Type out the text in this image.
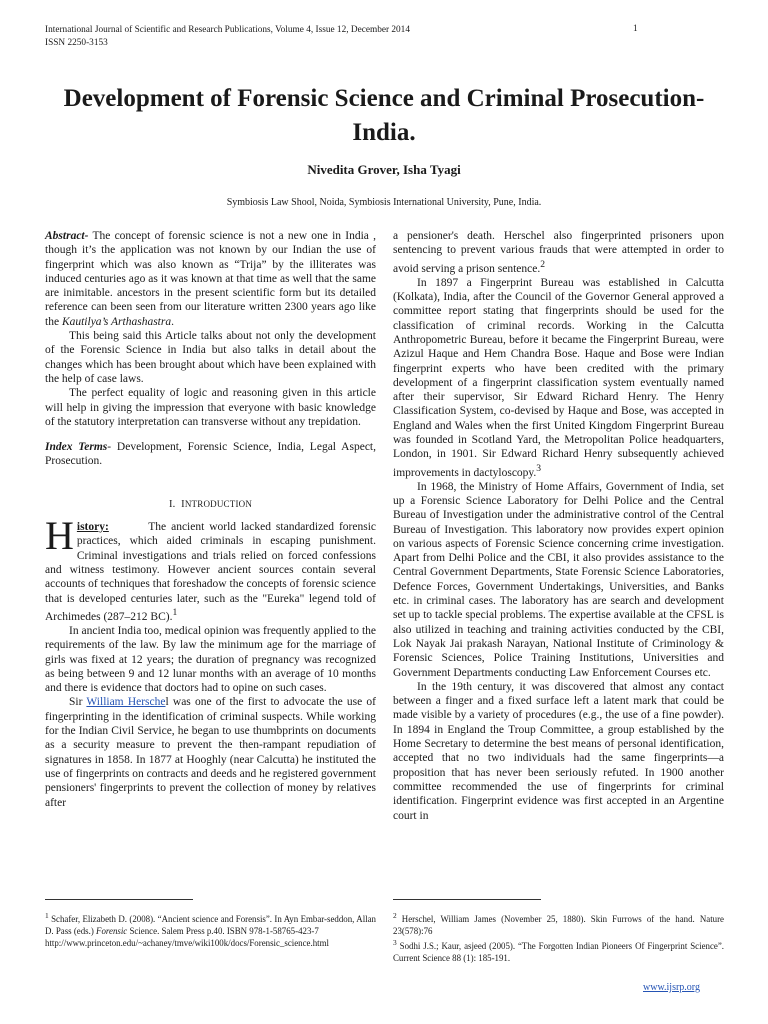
International Journal of Scientific and Research Publications, Volume 4, Issue 12, December 2014
ISSN 2250-3153
1
Development of Forensic Science and Criminal Prosecution-India.
Nivedita Grover, Isha Tyagi
Symbiosis Law Shool, Noida, Symbiosis International University, Pune, India.

Abstract- The concept of forensic science is not a new one in India , though it’s the application was not known by our Indian the use of fingerprint which was also known as “Trija” by the illiterates was induced centuries ago as it was known at that time as well that the same are inimitable. ancestors in the present scientific form but its detailed reference can been seen from our literature written 2300 years ago like the Kautilya’s Arthashastra.

This being said this Article talks about not only the development of the Forensic Science in India but also talks in detail about the changes which has been brought about which have been explained with the help of case laws.

The perfect equality of logic and reasoning given in this article will help in giving the impression that everyone with basic knowledge of the statutory interpretation can transverse without any trepidation.

Index Terms- Development, Forensic Science, India, Legal Aspect, Prosecution.

I. INTRODUCTION

History:	The ancient world lacked standardized forensic practices, which aided criminals in escaping punishment. Criminal investigations and trials relied on forced confessions and witness testimony. However ancient sources contain several accounts of techniques that foreshadow the concepts of forensic science that is developed centuries later, such as the "Eureka" legend told of Archimedes (287–212 BC).$^1$

In ancient India too, medical opinion was frequently applied to the requirements of the law. By law the minimum age for the marriage of girls was fixed at 12 years; the duration of pregnancy was recognized as being between 9 and 12 lunar months with an average of 10 months and there is evidence that doctors had to opine on such cases.

Sir William Herschel was one of the first to advocate the use of fingerprinting in the identification of criminal suspects. While working for the Indian Civil Service, he began to use thumbprints on documents as a security measure to prevent the then-rampant repudiation of signatures in 1858. In 1877 at Hooghly (near Calcutta) he instituted the use of fingerprints on contracts and deeds and he registered government pensioners' fingerprints to prevent the collection of money by relatives after

a pensioner's death. Herschel also fingerprinted prisoners upon sentencing to prevent various frauds that were attempted in order to avoid serving a prison sentence.$^2$

In 1897 a Fingerprint Bureau was established in Calcutta (Kolkata), India, after the Council of the Governor General approved a committee report stating that fingerprints should be used for the classification of criminal records. Working in the Calcutta Anthropometric Bureau, before it became the Fingerprint Bureau, were Azizul Haque and Hem Chandra Bose. Haque and Bose were Indian fingerprint experts who have been credited with the primary development of a fingerprint classification system eventually named after their supervisor, Sir Edward Richard Henry. The Henry Classification System, co-devised by Haque and Bose, was accepted in England and Wales when the first United Kingdom Fingerprint Bureau was founded in Scotland Yard, the Metropolitan Police headquarters, London, in 1901. Sir Edward Richard Henry subsequently achieved improvements in dactyloscopy.$^3$

In 1968, the Ministry of Home Affairs, Government of India, set up a Forensic Science Laboratory for Delhi Police and the Central Bureau of Investigation under the administrative control of the Central Bureau of Investigation. This laboratory now provides expert opinion on various aspects of Forensic Science concerning crime investigation. Apart from Delhi Police and the CBI, it also provides assistance to the Central Government Departments, State Forensic Science Laboratories, Defence Forces, Government Undertakings, Universities, and Banks etc. in criminal cases. The laboratory has are search and development set up to tackle special problems. The expertise available at the CFSL is also utilized in teaching and training activities conducted by the CBI, Lok Nayak Jai prakash Narayan, National Institute of Criminology & Forensic Sciences, Police Training Institutions, Universities and Government Departments conducting Law Enforcement Courses etc.

In the 19th century, it was discovered that almost any contact between a finger and a fixed surface left a latent mark that could be made visible by a variety of procedures (e.g., the use of a fine powder). In 1894 in England the Troup Committee, a group established by the Home Secretary to determine the best means of personal identification, accepted that no two individuals had the same fingerprints—a proposition that has never been seriously refuted. In 1900 another committee recommended the use of fingerprints for criminal identification. Fingerprint evidence was first accepted in an Argentine court in

$^1$ Schafer, Elizabeth D. (2008). “Ancient science and Forensis”. In Ayn Embar-seddon, Allan D. Pass (eds.) Forensic Science. Salem Press p.40. ISBN 978-1-58765-423-7

http://www.princeton.edu/~achaney/tmve/wiki100k/docs/Forensic_science.html

$^2$ Herschel, William James (November 25, 1880). Skin Furrows of the hand. Nature 23(578):76

$^3$ Sodhi J.S.; Kaur, asjeed (2005). “The Forgotten Indian Pioneers Of Fingerprint Science”. Current Science 88 (1): 185-191.

www.ijsrp.org
